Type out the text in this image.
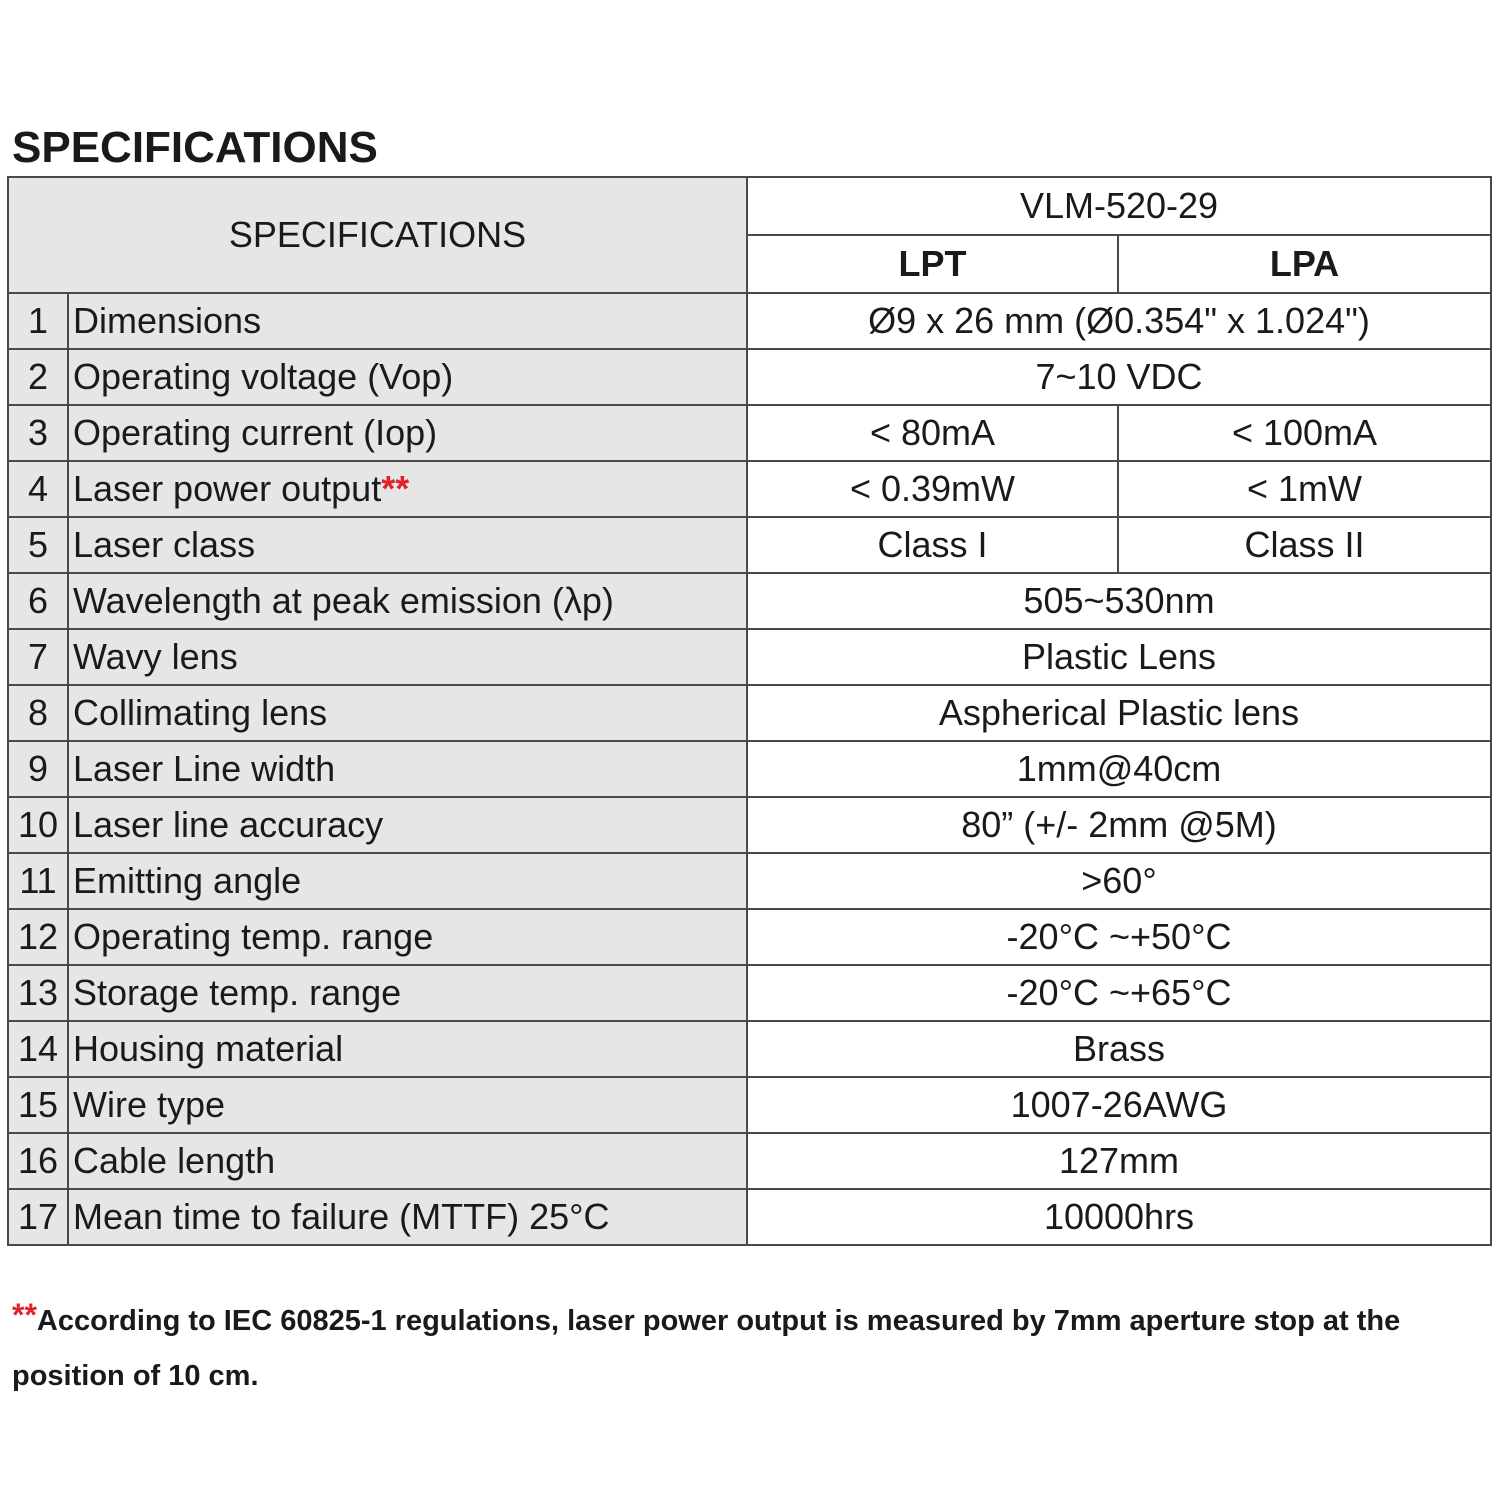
SPECIFICATIONS
SPECIFICATIONS		VLM-520-29	
		LPT	LPA
1	Dimensions	Ø9 x 26 mm (Ø0.354" x 1.024")	
2	Operating voltage (Vop)	7~10 VDC	
3	Operating current (Iop)	< 80mA	< 100mA
4	Laser power output**	< 0.39mW	< 1mW
5	Laser class	Class I	Class II
6	Wavelength at peak emission (λp)	505~530nm	
7	Wavy lens	Plastic Lens	
8	Collimating lens	Aspherical Plastic lens	
9	Laser Line width	1mm@40cm	
10	Laser line accuracy	80” (+/- 2mm @5M)	
11	Emitting angle	>60°	
12	Operating temp. range	-20°C ~+50°C	
13	Storage temp. range	-20°C ~+65°C	
14	Housing material	Brass	
15	Wire type	1007-26AWG	
16	Cable length	127mm	
17	Mean time to failure (MTTF) 25°C	10000hrs	

**According to IEC 60825-1 regulations, laser power output is measured by 7mm aperture stop at the position of 10 cm.
